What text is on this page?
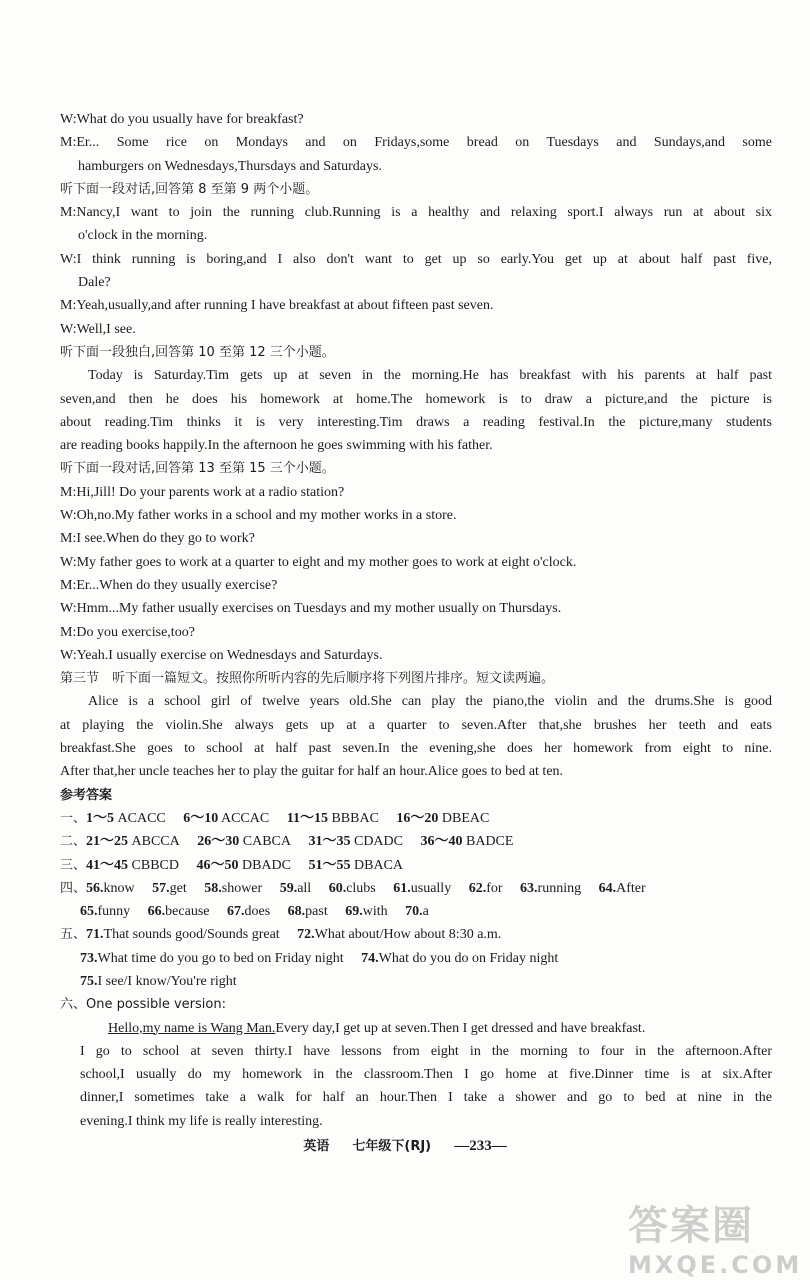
W:What do you usually have for breakfast?
M:Er... Some rice on Mondays and on Fridays,some bread on Tuesdays and Sundays,and some
hamburgers on Wednesdays,Thursdays and Saturdays.
听下面一段对话,回答第 8 至第 9 两个小题。
M:Nancy,I want to join the running club.Running is a healthy and relaxing sport.I always run at about six
o'clock in the morning.
W:I think running is boring,and I also don't want to get up so early.You get up at about half past five,
Dale?
M:Yeah,usually,and after running I have breakfast at about fifteen past seven.
W:Well,I see.
听下面一段独白,回答第 10 至第 12 三个小题。
Today is Saturday.Tim gets up at seven in the morning.He has breakfast with his parents at half past
seven,and then he does his homework at home.The homework is to draw a picture,and the picture is
about reading.Tim thinks it is very interesting.Tim draws a reading festival.In the picture,many students
are reading books happily.In the afternoon he goes swimming with his father.
听下面一段对话,回答第 13 至第 15 三个小题。
M:Hi,Jill! Do your parents work at a radio station?
W:Oh,no.My father works in a school and my mother works in a store.
M:I see.When do they go to work?
W:My father goes to work at a quarter to eight and my mother goes to work at eight o'clock.
M:Er...When do they usually exercise?
W:Hmm...My father usually exercises on Tuesdays and my mother usually on Thursdays.
M:Do you exercise,too?
W:Yeah.I usually exercise on Wednesdays and Saturdays.
第三节　听下面一篇短文。按照你所听内容的先后顺序将下列图片排序。短文读两遍。
Alice is a school girl of twelve years old.She can play the piano,the violin and the drums.She is good
at playing the violin.She always gets up at a quarter to seven.After that,she brushes her teeth and eats
breakfast.She goes to school at half past seven.In the evening,she does her homework from eight to nine.
After that,her uncle teaches her to play the guitar for half an hour.Alice goes to bed at ten.
参考答案
一、1～5 ACACC 6～10 ACCAC 11～15 BBBAC 16～20 DBEAC
二、21～25 ABCCA 26～30 CABCA 31～35 CDADC 36～40 BADCE
三、41～45 CBBCD 46～50 DBADC 51～55 DBACA
四、56.know 57.get 58.shower 59.all 60.clubs 61.usually 62.for 63.running 64.After
65.funny 66.because 67.does 68.past 69.with 70.a
五、71.That sounds good/Sounds great 72.What about/How about 8:30 a.m.
73.What time do you go to bed on Friday night 74.What do you do on Friday night
75.I see/I know/You're right
六、One possible version:
Hello,my name is Wang Man.Every day,I get up at seven.Then I get dressed and have breakfast.
I go to school at seven thirty.I have lessons from eight in the morning to four in the afternoon.After
school,I usually do my homework in the classroom.Then I go home at five.Dinner time is at six.After
dinner,I sometimes take a walk for half an hour.Then I take a shower and go to bed at nine in the
evening.I think my life is really interesting.
英语 七年级下(RJ) —233—
答案圈
MXQE.COM
